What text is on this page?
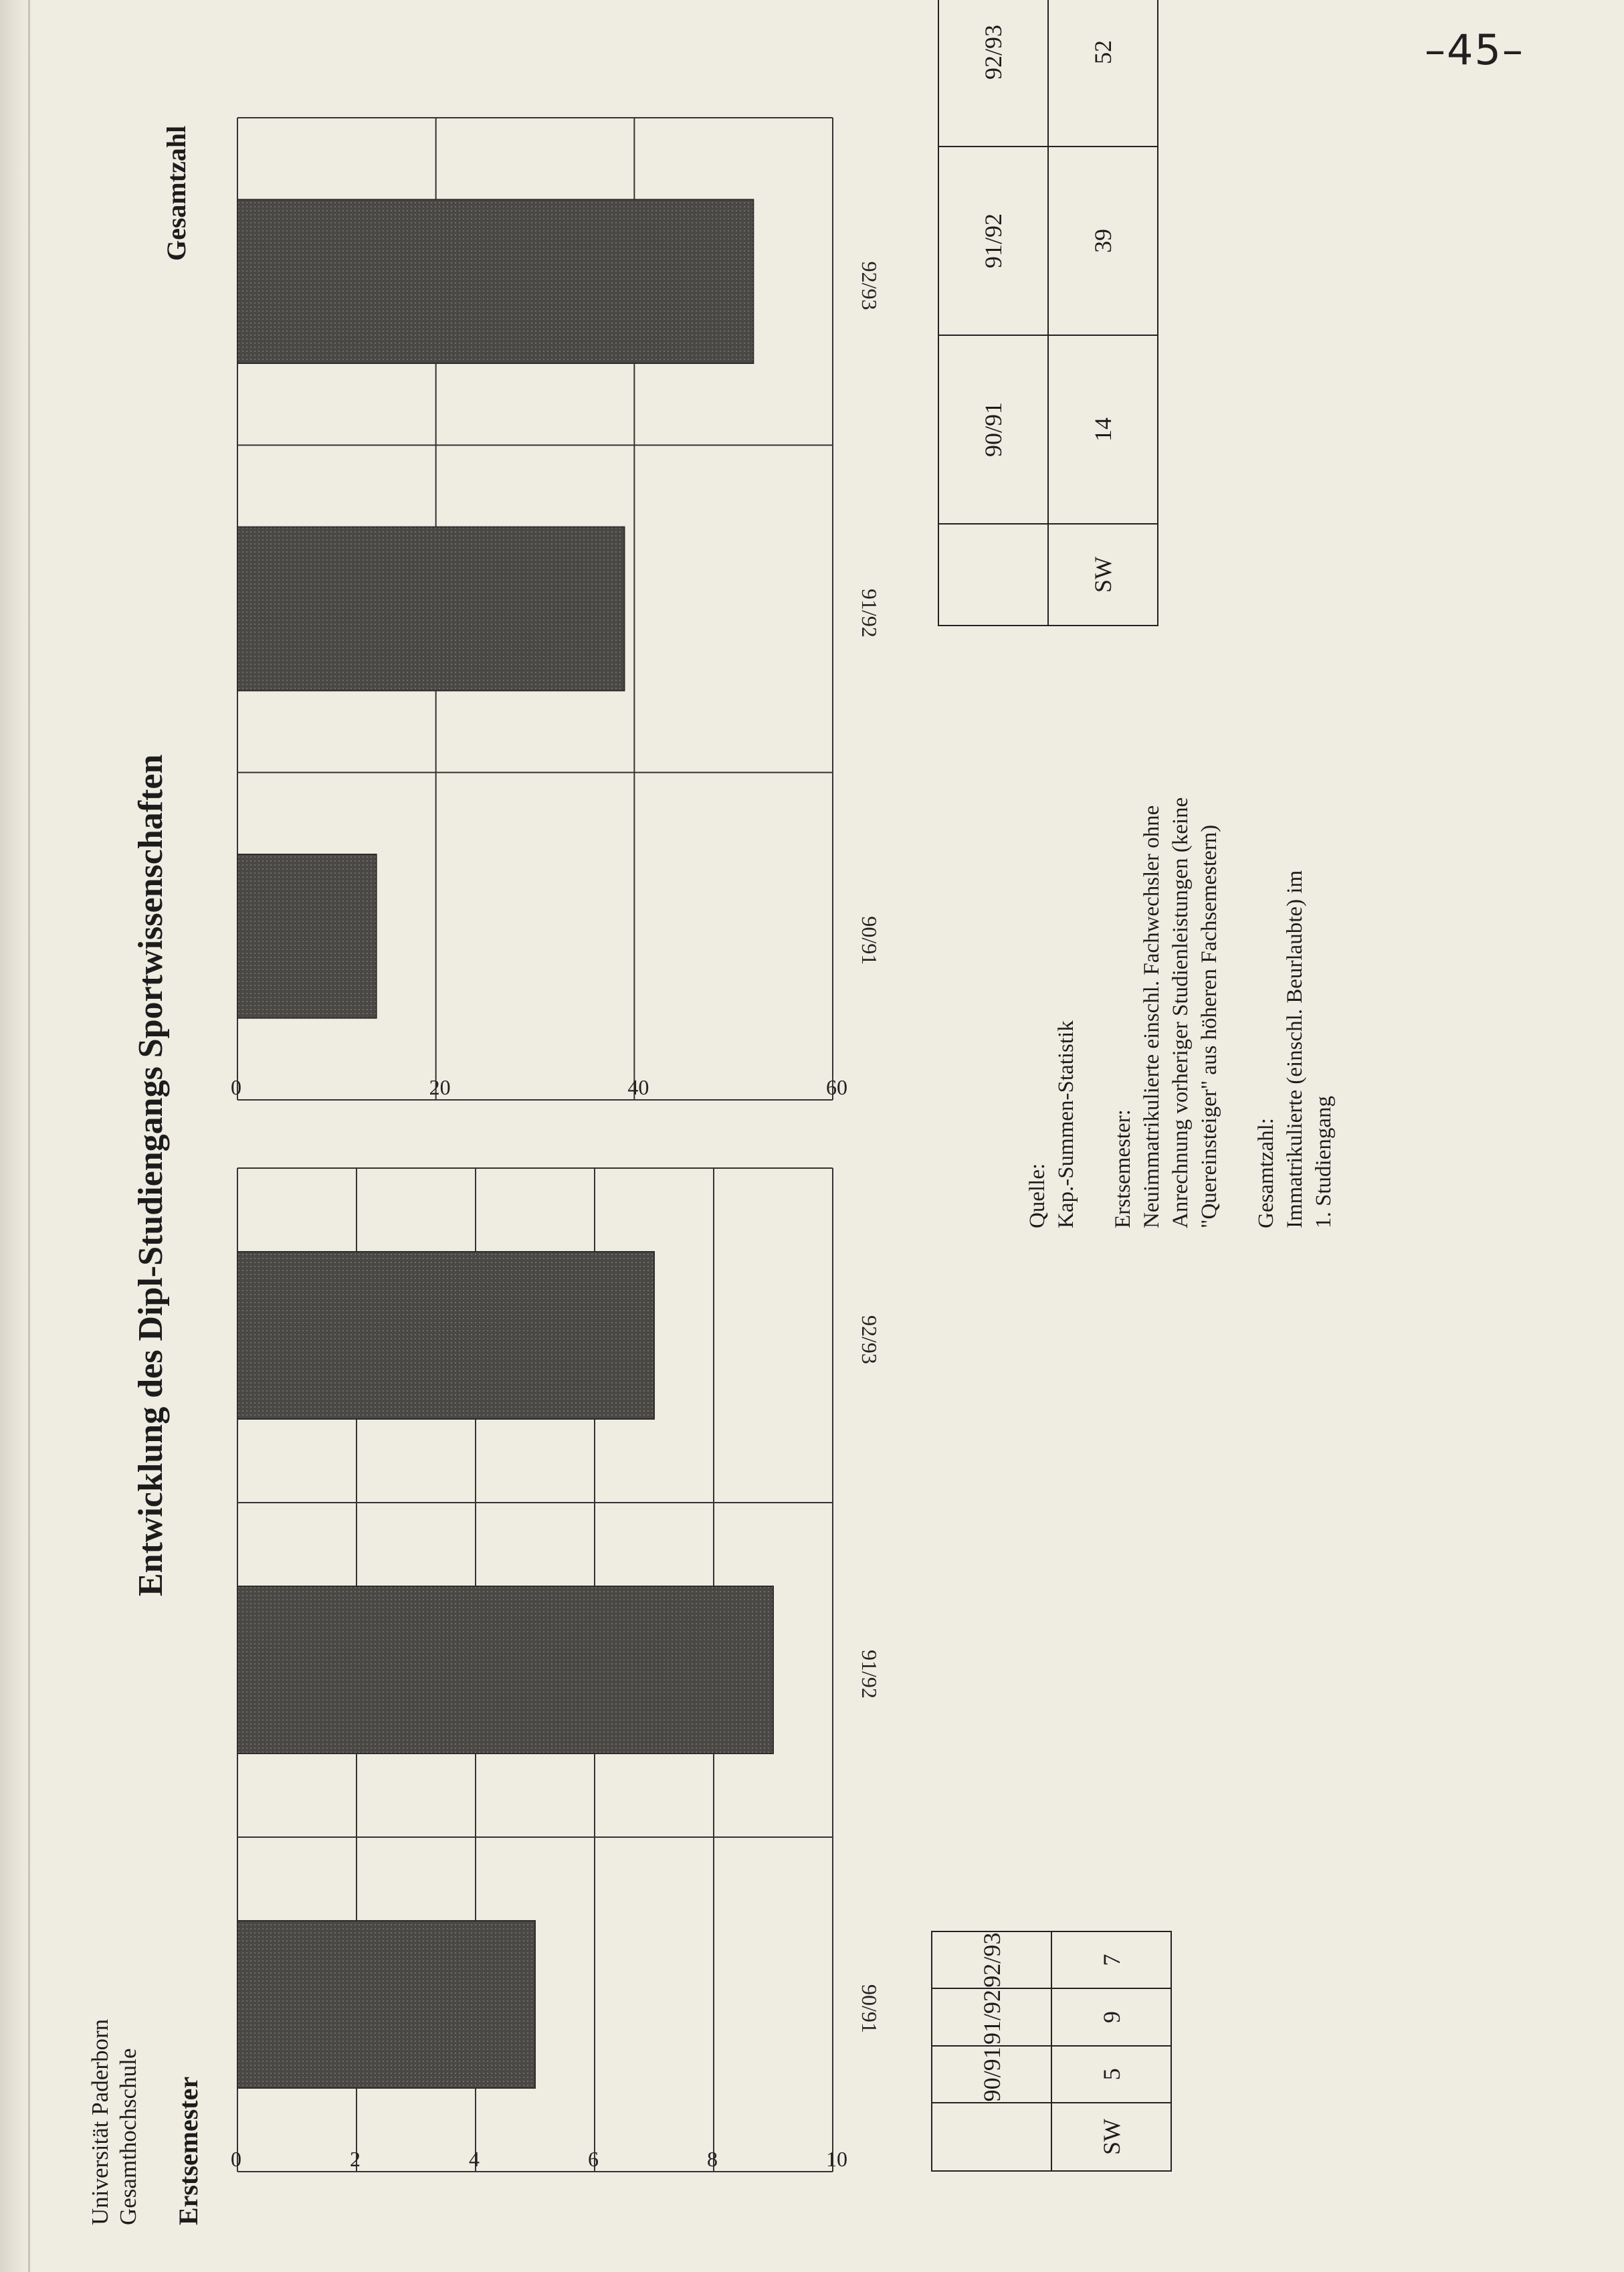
–45–
Universität Paderborn Gesamthochschule Erstsemester
Entwicklung des Dipl-Studiengangs Sportwissenschaften
Gesamtzahl
0	2	4	6	8	10
90/91
91/92
92/93
0	20	40	60
90/91
91/92
92/93
	90/91	91/92	92/93
SW	5	9	7

Quelle: Kap.-Summen-Statistik Erstsemester: Neuimmatrikulierte einschl. Fachwechsler ohne Anrechnung vorheriger Studienleistungen (keine "Quereinsteiger" aus höheren Fachsemestern) Gesamtzahl: Immatrikulierte (einschl. Beurlaubte) im 1. Studiengang

	90/91	91/92	92/93
SW	14	39	52
